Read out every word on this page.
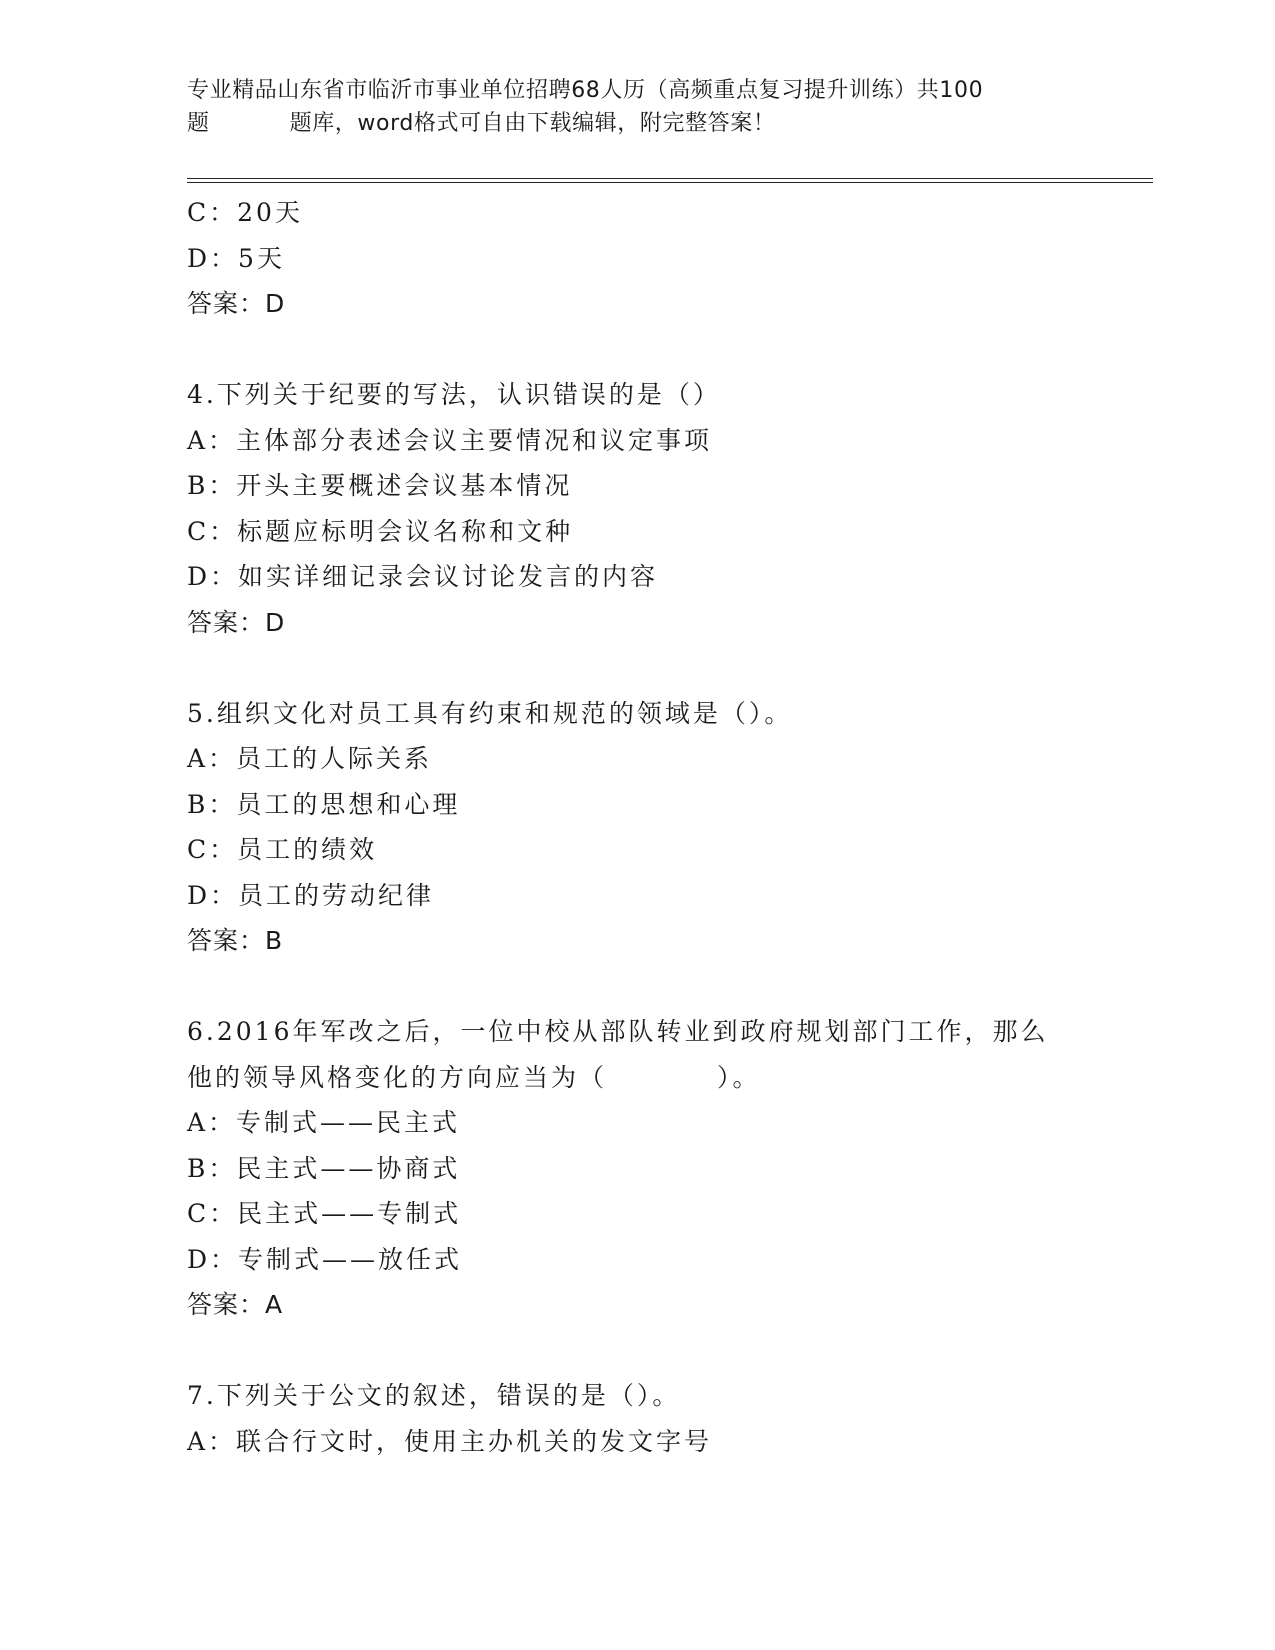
专业精品山东省市临沂市事业单位招聘68人历（高频重点复习提升训练）共100
题	题库，word格式可自由下载编辑，附完整答案！
C：20天
D：5天
答案：D
4.下列关于纪要的写法，认识错误的是（）
A：主体部分表述会议主要情况和议定事项
B：开头主要概述会议基本情况
C：标题应标明会议名称和文种
D：如实详细记录会议讨论发言的内容
答案：D
5.组织文化对员工具有约束和规范的领域是（）。
A：员工的人际关系
B：员工的思想和心理
C：员工的绩效
D：员工的劳动纪律
答案：B
6.2016年军改之后，一位中校从部队转业到政府规划部门工作，那么
他的领导风格变化的方向应当为（	）。
A：专制式——民主式
B：民主式——协商式
C：民主式——专制式
D：专制式——放任式
答案：A
7.下列关于公文的叙述，错误的是（）。
A：联合行文时，使用主办机关的发文字号
